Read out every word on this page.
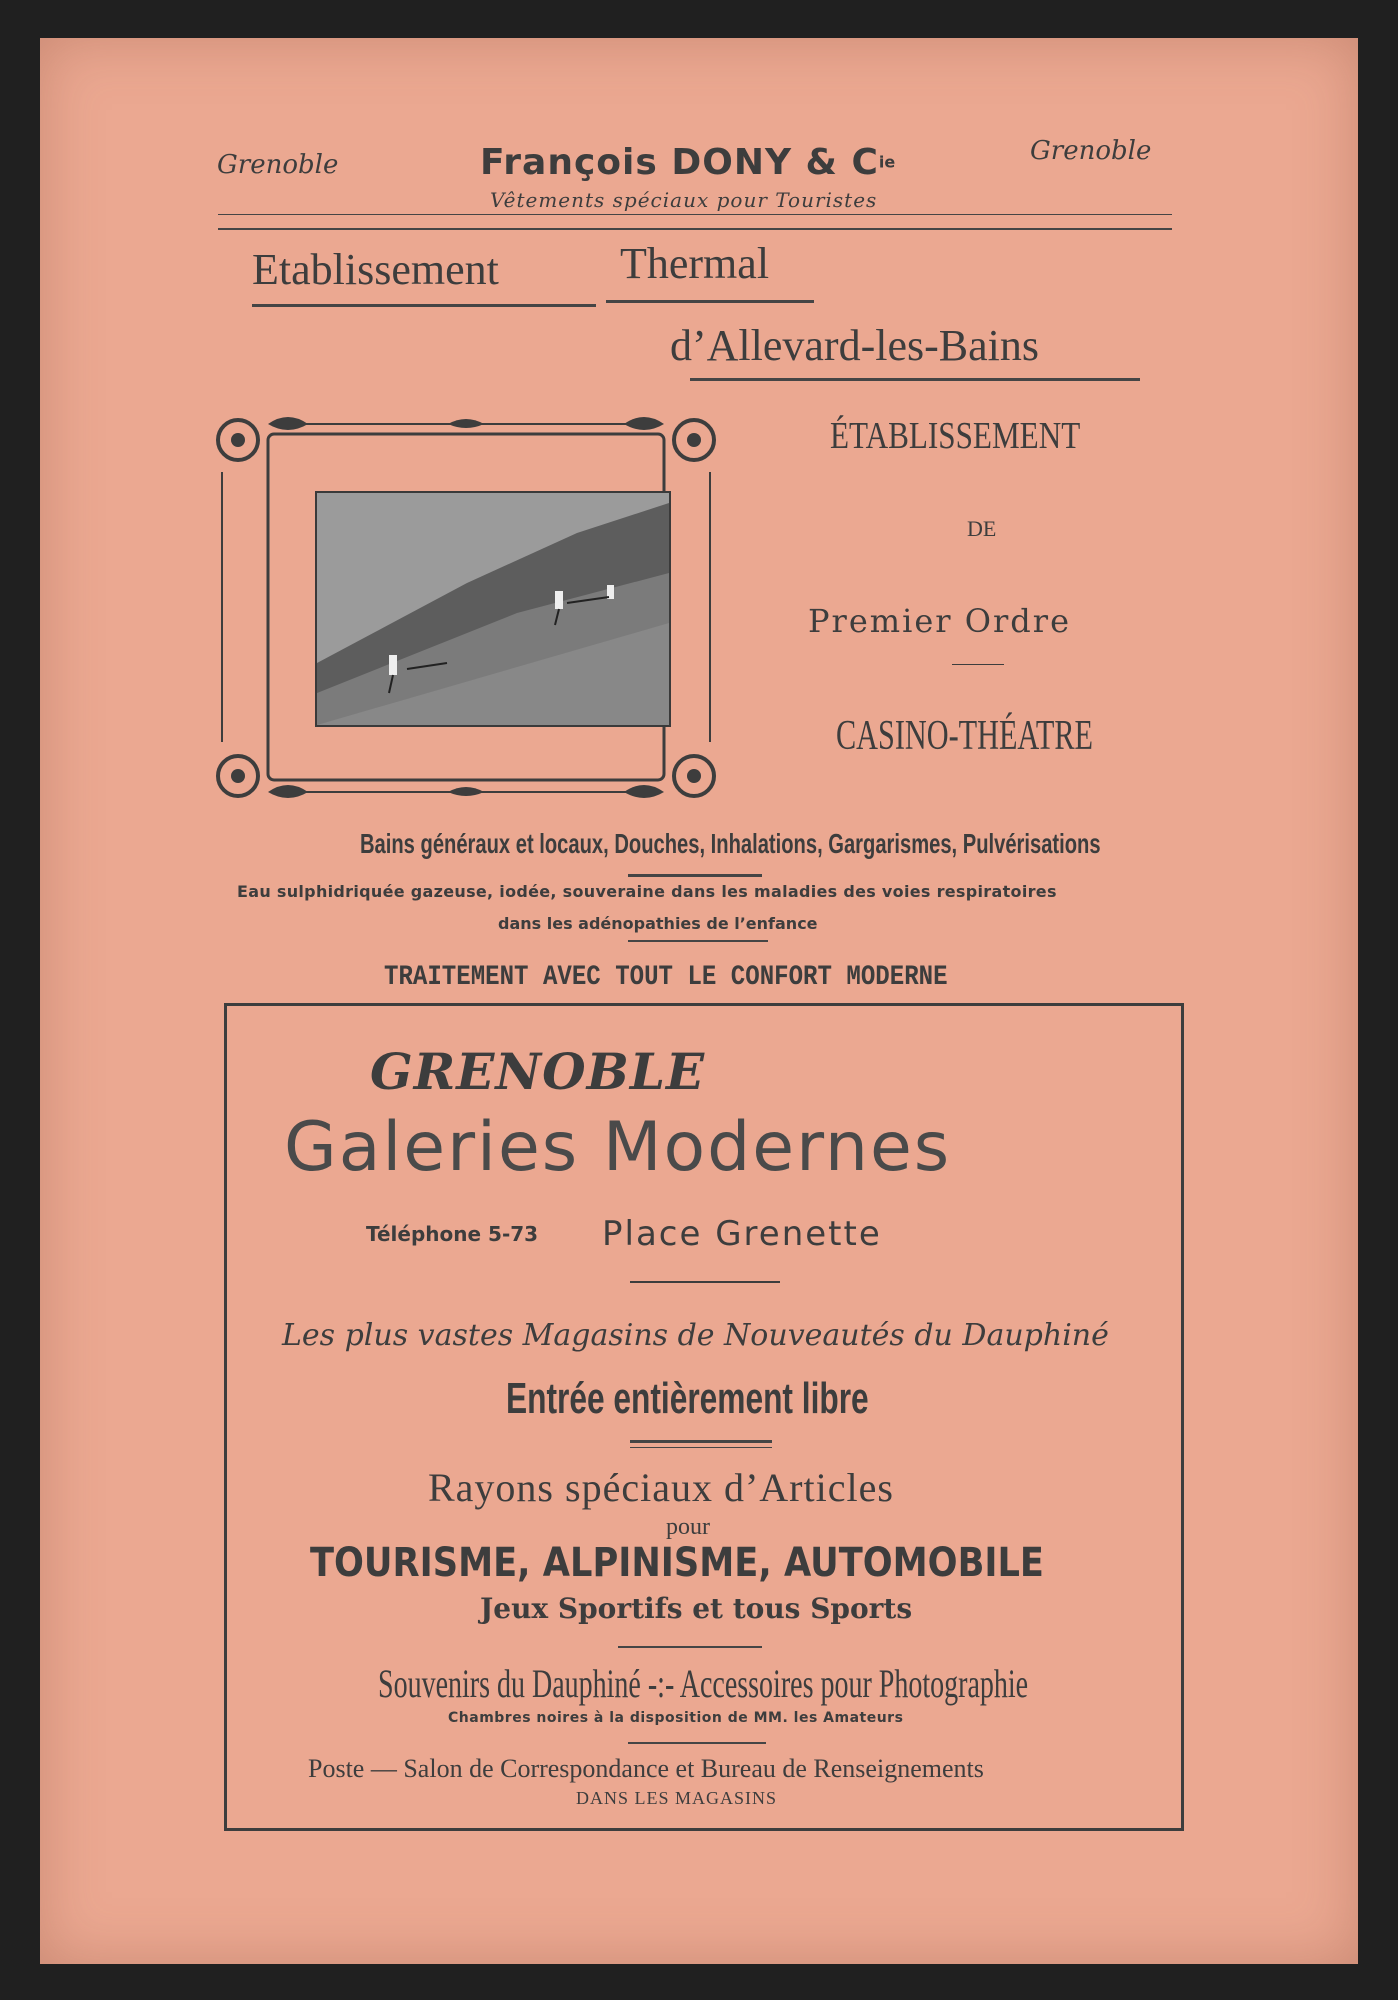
Grenoble	Grenoble
François DONY & $C^{ie}$
Vêtements spéciaux pour Touristes
Etablissement	Thermal
d’Allevard-les-Bains
ÉTABLISSEMENT
DE
Premier Ordre
CASINO-THÉATRE
Bains généraux et locaux, Douches, Inhalations, Gargarismes, Pulvérisations
Eau sulphidriquée gazeuse, iodée, souveraine dans les maladies des voies respiratoires
dans les adénopathies de l’enfance
TRAITEMENT AVEC TOUT LE CONFORT MODERNE
GRENOBLE
Galeries Modernes
Téléphone 5-73 Place Grenette
Les plus vastes Magasins de Nouveautés du Dauphiné
Entrée entièrement libre
Rayons spéciaux d’Articles
pour
TOURISME, ALPINISME, AUTOMOBILE
Jeux Sportifs et tous Sports
Souvenirs du Dauphiné -:- Accessoires pour Photographie
Chambres noires à la disposition de MM. les Amateurs
Poste — Salon de Correspondance et Bureau de Renseignements
DANS LES MAGASINS
